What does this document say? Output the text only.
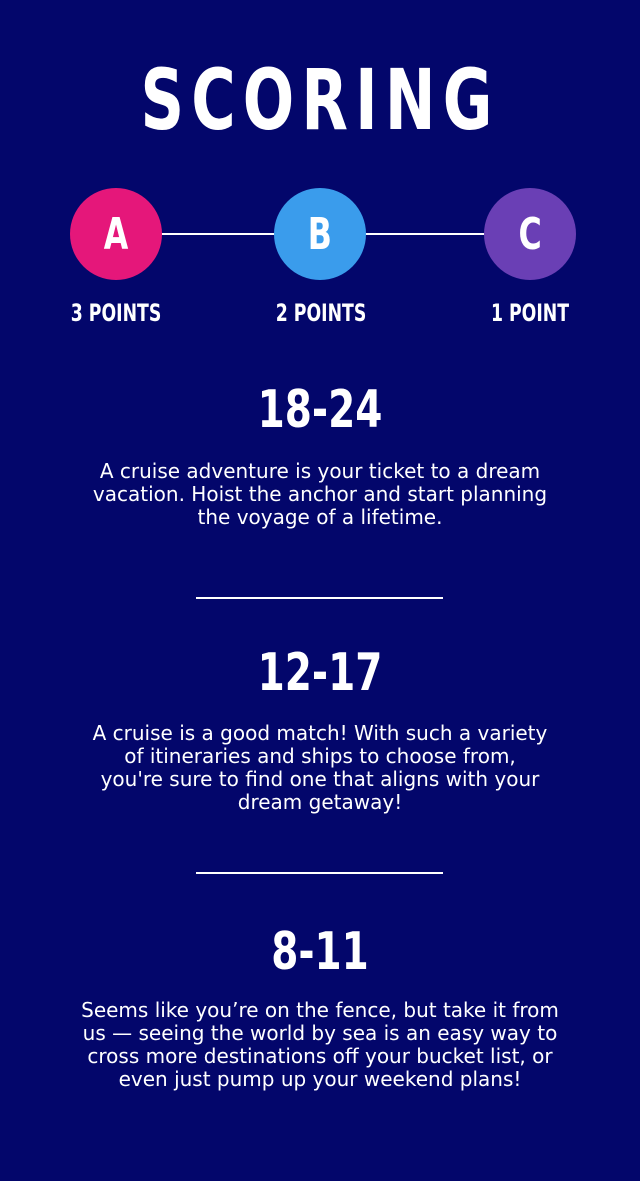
SCORING
A	B	C
3 POINTS	2 POINTS	1 POINT
18-24
A cruise adventure is your ticket to a dream vacation. Hoist the anchor and start planning the voyage of a lifetime.
12-17
A cruise is a good match! With such a variety of itineraries and ships to choose from, you're sure to find one that aligns with your dream getaway!
8-11
Seems like you’re on the fence, but take it from us — seeing the world by sea is an easy way to cross more destinations off your bucket list, or even just pump up your weekend plans!
